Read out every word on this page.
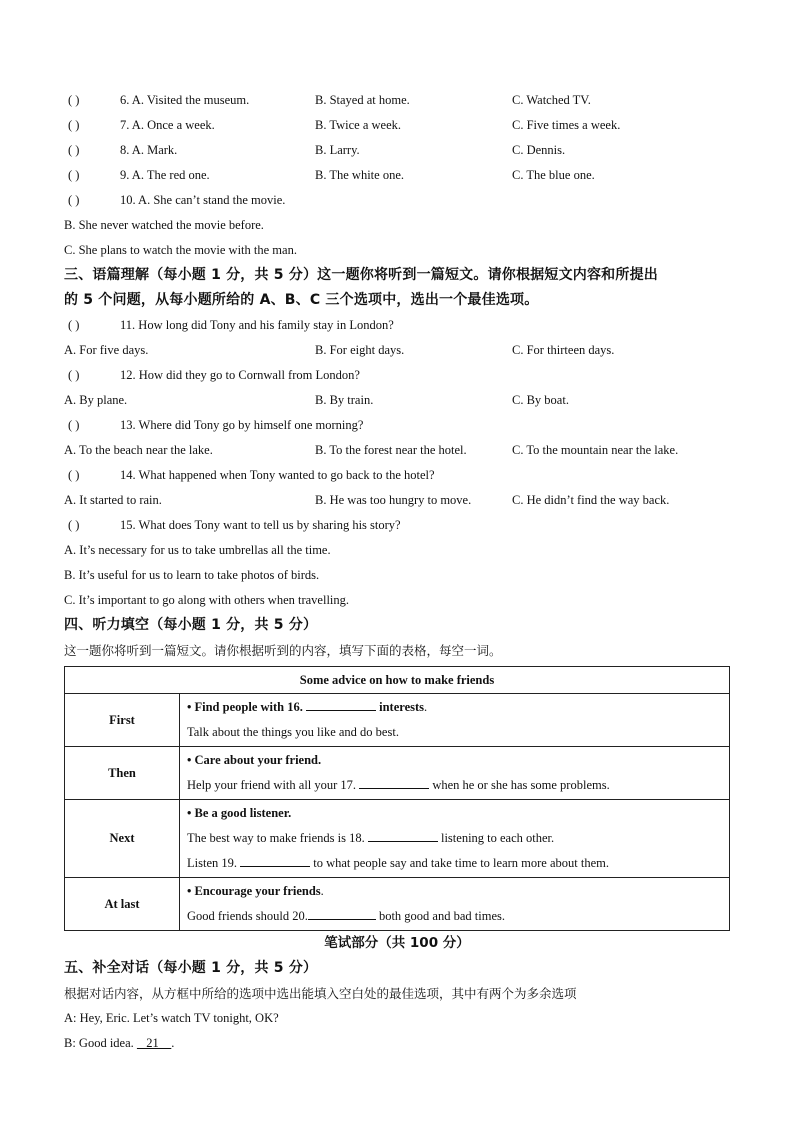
( )	6. A. Visited the museum.	B. Stayed at home.	C. Watched TV.
( )	7. A. Once a week.	B. Twice a week.	C. Five times a week.
( )	8. A. Mark.	B. Larry.	C. Dennis.
( )	9. A. The red one.	B. The white one.	C. The blue one.
( )	10. A. She can’t stand the movie.
B. She never watched the movie before.
C. She plans to watch the movie with the man.
三、语篇理解（每小题 1 分，共 5 分）这一题你将听到一篇短文。请你根据短文内容和所提出
的 5 个问题，从每小题所给的 A、B、C 三个选项中，选出一个最佳选项。
( )	11. How long did Tony and his family stay in London?
A. For five days.	B. For eight days.	C. For thirteen days.
( )	12. How did they go to Cornwall from London?
A. By plane.	B. By train.	C. By boat.
( )	13. Where did Tony go by himself one morning?
A. To the beach near the lake.	B. To the forest near the hotel.	C. To the mountain near the lake.
( )	14. What happened when Tony wanted to go back to the hotel?
A. It started to rain.	B. He was too hungry to move.	C. He didn’t find the way back.
( )	15. What does Tony want to tell us by sharing his story?
A. It’s necessary for us to take umbrellas all the time.
B. It’s useful for us to learn to take photos of birds.
C. It’s important to go along with others when travelling.
四、听力填空（每小题 1 分，共 5 分）
这一题你将听到一篇短文。请你根据听到的内容，填写下面的表格，每空一词。
Some advice on how to make friends	
First	• Find people with 16. interests.
Talk about the things you like and do best.

Then	• Care about your friend.
Help your friend with all your 17. when he or she has some problems.

Next	• Be a good listener.
The best way to make friends is 18. listening to each other.
Listen 19. to what people say and take time to learn more about them.

At last	• Encourage your friends.
Good friends should 20. both good and bad times.
笔试部分（共 100 分）
五、补全对话（每小题 1 分，共 5 分）
根据对话内容，从方框中所给的选项中选出能填入空白处的最佳选项，其中有两个为多余选项
A: Hey, Eric. Let’s watch TV tonight, OK?
B: Good idea.    21    .
